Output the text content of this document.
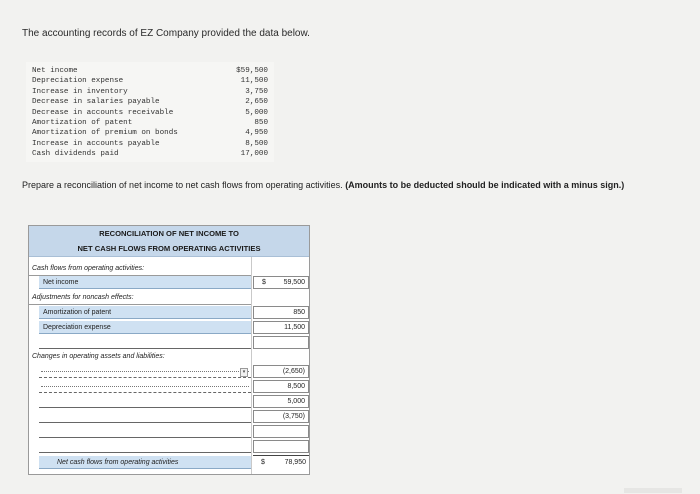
The accounting records of EZ Company provided the data below.
Net income	$59,500
Depreciation expense	11,500
Increase in inventory	3,750
Decrease in salaries payable	2,650
Decrease in accounts receivable	5,000
Amortization of patent	850
Amortization of premium on bonds	4,950
Increase in accounts payable	8,500
Cash dividends paid	17,000
Prepare a reconciliation of net income to net cash flows from operating activities. (Amounts to be deducted should be indicated with a minus sign.)
RECONCILIATION OF NET INCOME TO
NET CASH FLOWS FROM OPERATING ACTIVITIES
Cash flows from operating activities:
Net income	$	59,500
Adjustments for noncash effects:
Amortization of patent	850
Depreciation expense	11,500
Changes in operating assets and liabilities:
▾	(2,650)
8,500
5,000
(3,750)
Net cash flows from operating activities	$	78,950
